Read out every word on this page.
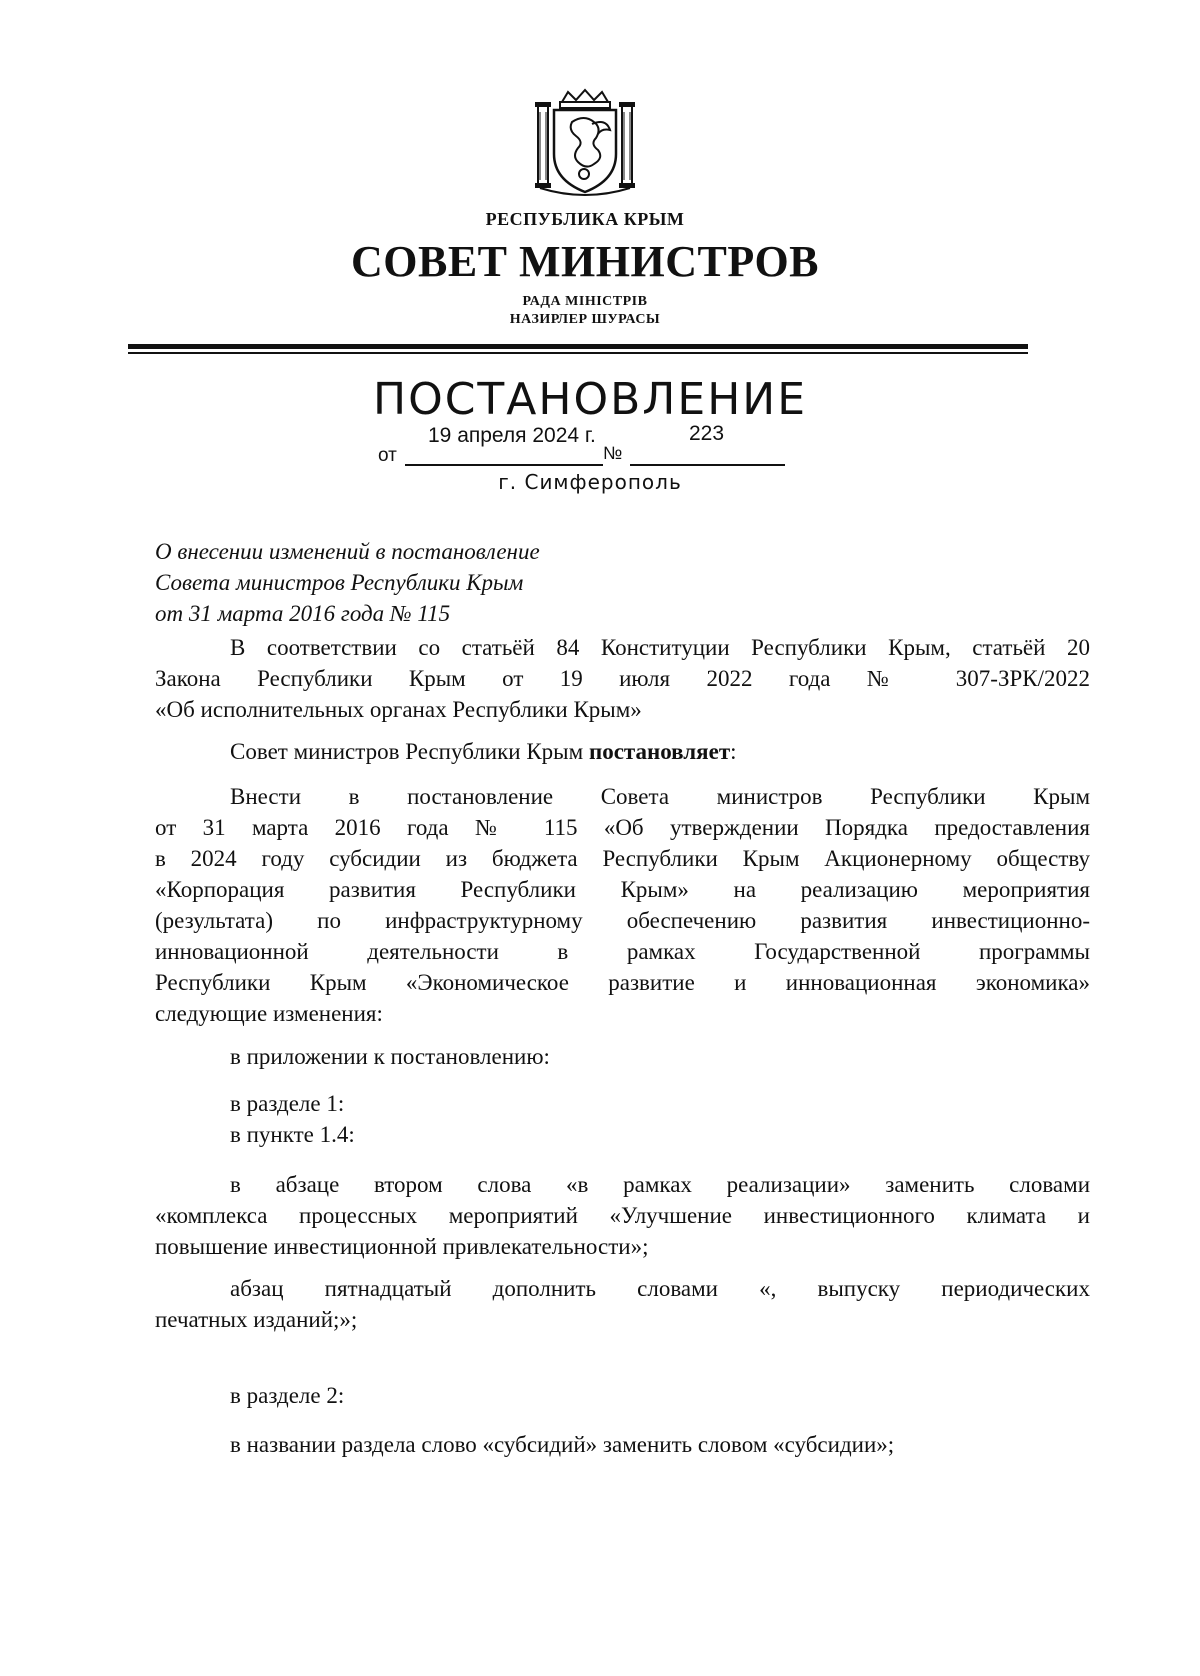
РЕСПУБЛИКА КРЫМ
СОВЕТ МИНИСТРОВ
РАДА МІНІСТРІВ
НАЗИРЛЕР ШУРАСЫ
ПОСТАНОВЛЕНИЕ
19 апреля 2024 г.	223
от	№
г. Симферополь
О внесении изменений в постановление
Совета министров Республики Крым
от 31 марта 2016 года № 115
В соответствии со статьёй 84 Конституции Республики Крым, статьёй 20
Закона Республики Крым от 19 июля 2022 года № 307-ЗРК/2022
«Об исполнительных органах Республики Крым»
Совет министров Республики Крым постановляет:
Внести в постановление Совета министров Республики Крым
от 31 марта 2016 года № 115 «Об утверждении Порядка предоставления
в 2024 году субсидии из бюджета Республики Крым Акционерному обществу
«Корпорация развития Республики Крым» на реализацию мероприятия
(результата) по инфраструктурному обеспечению развития инвестиционно-
инновационной деятельности в рамках Государственной программы
Республики Крым «Экономическое развитие и инновационная экономика»
следующие изменения:
в приложении к постановлению:
в разделе 1:
в пункте 1.4:
в абзаце втором слова «в рамках реализации» заменить словами
«комплекса процессных мероприятий «Улучшение инвестиционного климата и
повышение инвестиционной привлекательности»;
абзац пятнадцатый дополнить словами «, выпуску периодических
печатных изданий;»;
в разделе 2:
в названии раздела слово «субсидий» заменить словом «субсидии»;
